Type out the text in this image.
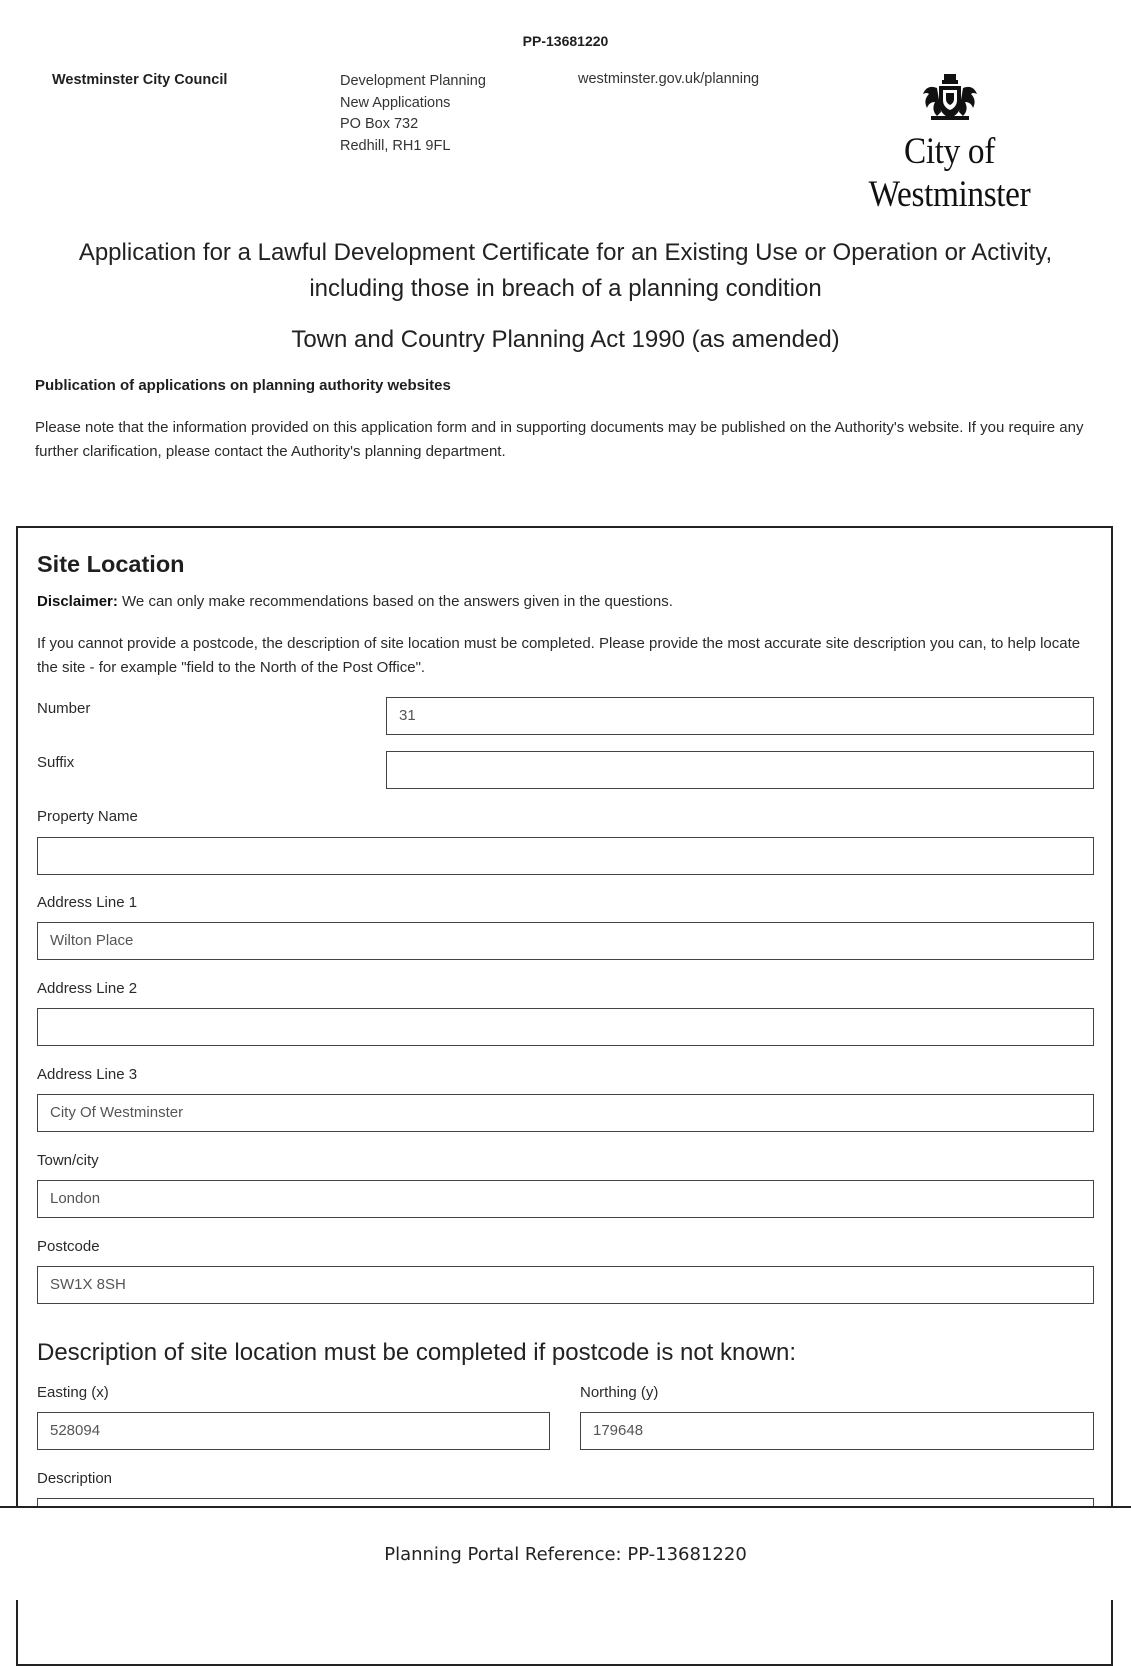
PP-13681220
Westminster City Council	Development Planning
New Applications
PO Box 732
Redhill, RH1 9FL
westminster.gov.uk/planning
City of Westminster
Application for a Lawful Development Certificate for an Existing Use or Operation or Activity, including those in breach of a planning condition
Town and Country Planning Act 1990 (as amended)
Publication of applications on planning authority websites
Please note that the information provided on this application form and in supporting documents may be published on the Authority's website. If you require any further clarification, please contact the Authority's planning department.
Site Location
Disclaimer: We can only make recommendations based on the answers given in the questions.
If you cannot provide a postcode, the description of site location must be completed. Please provide the most accurate site description you can, to help locate the site - for example "field to the North of the Post Office".
Number	31
Suffix
Property Name
Address Line 1
Wilton Place
Address Line 2
Address Line 3
City Of Westminster
Town/city
London
Postcode
SW1X 8SH
Description of site location must be completed if postcode is not known:
Easting (x)
528094
Northing (y)
179648
Description
Planning Portal Reference: PP-13681220
